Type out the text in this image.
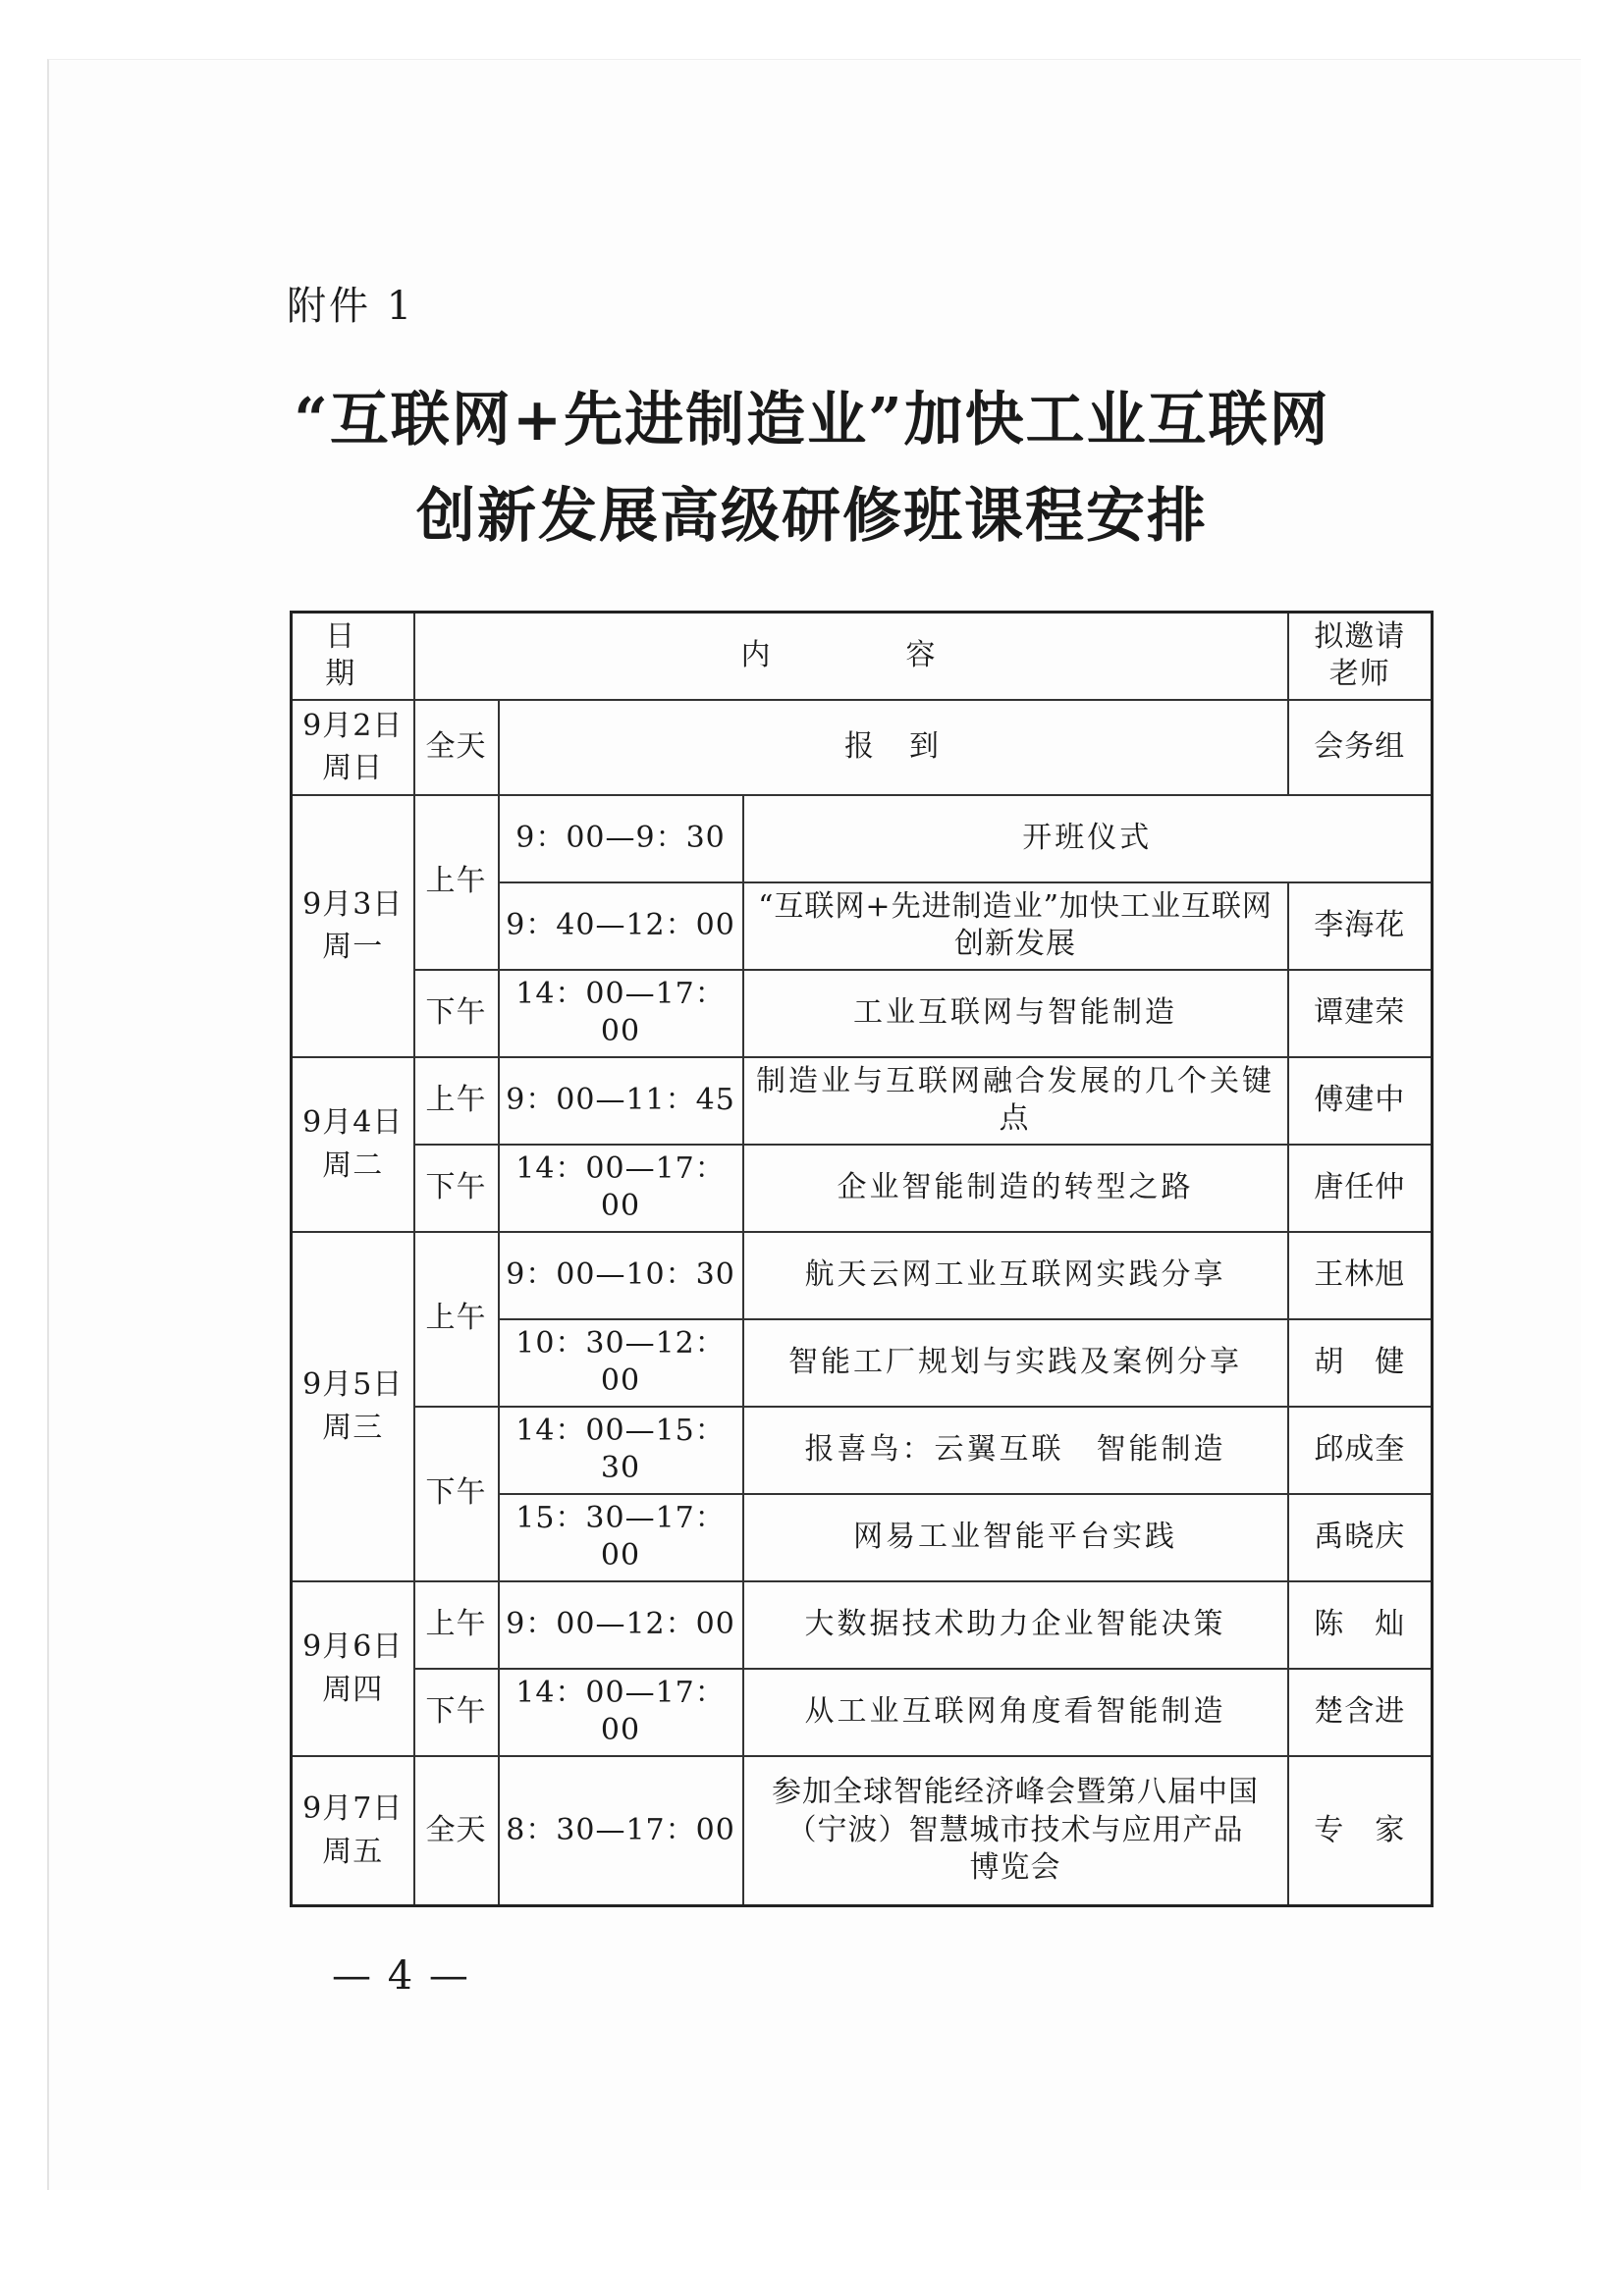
附件 1
“互联网+先进制造业”加快工业互联网
创新发展高级研修班课程安排
日　期	内　　容			拟邀请
老师
9月2日
周日	全天	报　到		会务组
9月3日
周一	上午	9：00—9：30	开班仪式	
		9：40—12：00	“互联网+先进制造业”加快工业互联网
创新发展	李海花
	下午	14：00—17：00	工业互联网与智能制造	谭建荣
9月4日
周二	上午	9：00—11：45	制造业与互联网融合发展的几个关键点	傅建中
	下午	14：00—17：00	企业智能制造的转型之路	唐任仲
9月5日
周三	上午	9：00—10：30	航天云网工业互联网实践分享	王林旭
		10：30—12：00	智能工厂规划与实践及案例分享	胡　健
	下午	14：00—15：30	报喜鸟：云翼互联　智能制造	邱成奎
		15：30—17：00	网易工业智能平台实践	禹晓庆
9月6日
周四	上午	9：00—12：00	大数据技术助力企业智能决策	陈　灿
	下午	14：00—17：00	从工业互联网角度看智能制造	楚含进
9月7日
周五	全天	8：30—17：00	参加全球智能经济峰会暨第八届中国
（宁波）智慧城市技术与应用产品
博览会	专　家
— 4 —
